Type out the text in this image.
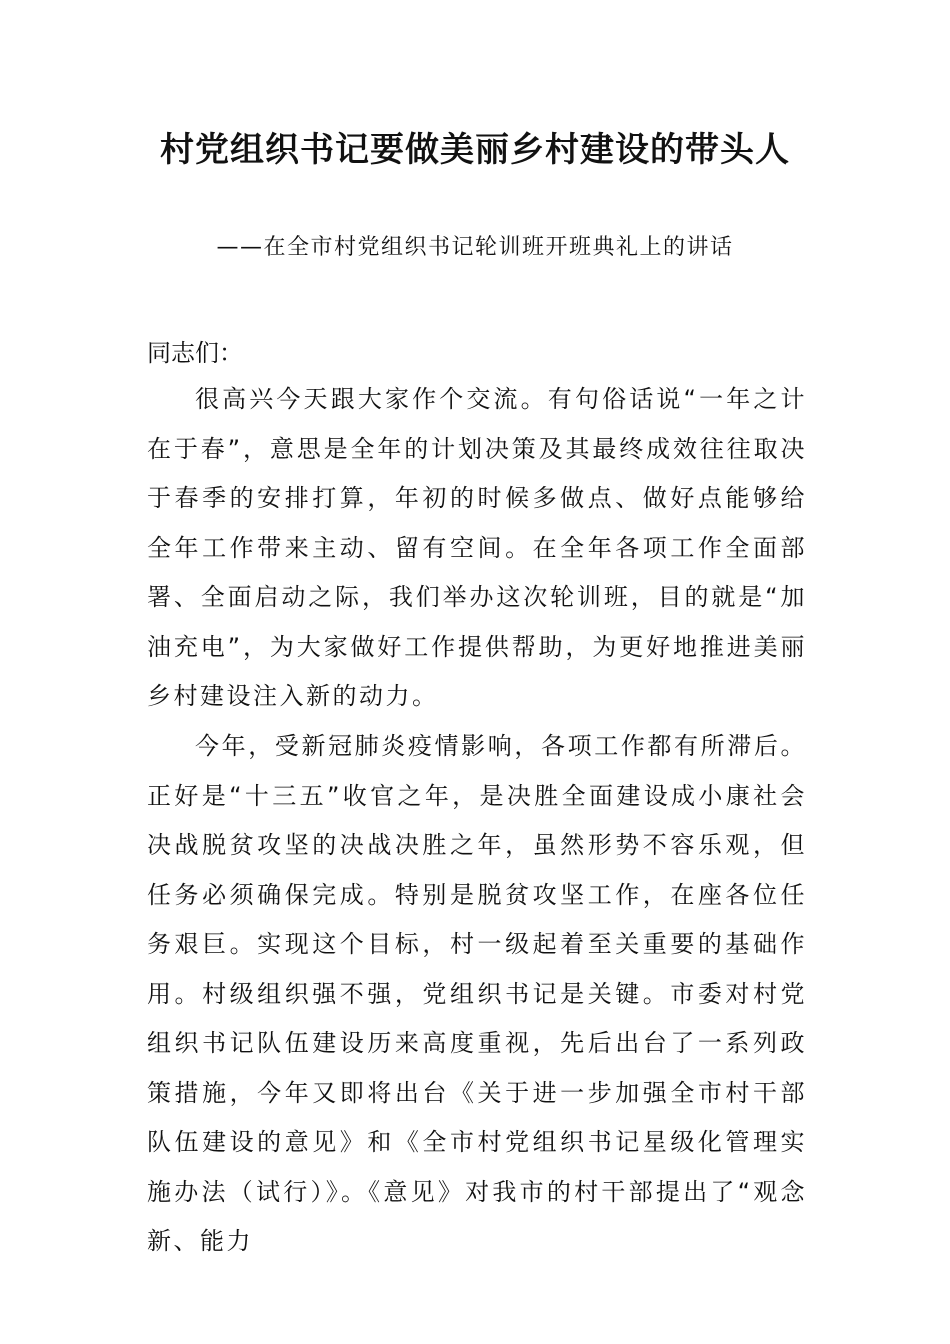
村党组织书记要做美丽乡村建设的带头人
——在全市村党组织书记轮训班开班典礼上的讲话
同志们：

很高兴今天跟大家作个交流。有句俗话说“一年之计在于春”，意思是全年的计划决策及其最终成效往往取决于春季的安排打算，年初的时候多做点、做好点能够给全年工作带来主动、留有空间。在全年各项工作全面部署、全面启动之际，我们举办这次轮训班，目的就是“加油充电”，为大家做好工作提供帮助，为更好地推进美丽乡村建设注入新的动力。

今年，受新冠肺炎疫情影响，各项工作都有所滞后。正好是“十三五”收官之年，是决胜全面建设成小康社会决战脱贫攻坚的决战决胜之年，虽然形势不容乐观，但任务必须确保完成。特别是脱贫攻坚工作，在座各位任务艰巨。实现这个目标，村一级起着至关重要的基础作用。村级组织强不强，党组织书记是关键。市委对村党组织书记队伍建设历来高度重视，先后出台了一系列政策措施，今年又即将出台《关于进一步加强全市村干部队伍建设的意见》和《全市村党组织书记星级化管理实施办法（试行）》。《意见》对我市的村干部提出了“观念新、能力
